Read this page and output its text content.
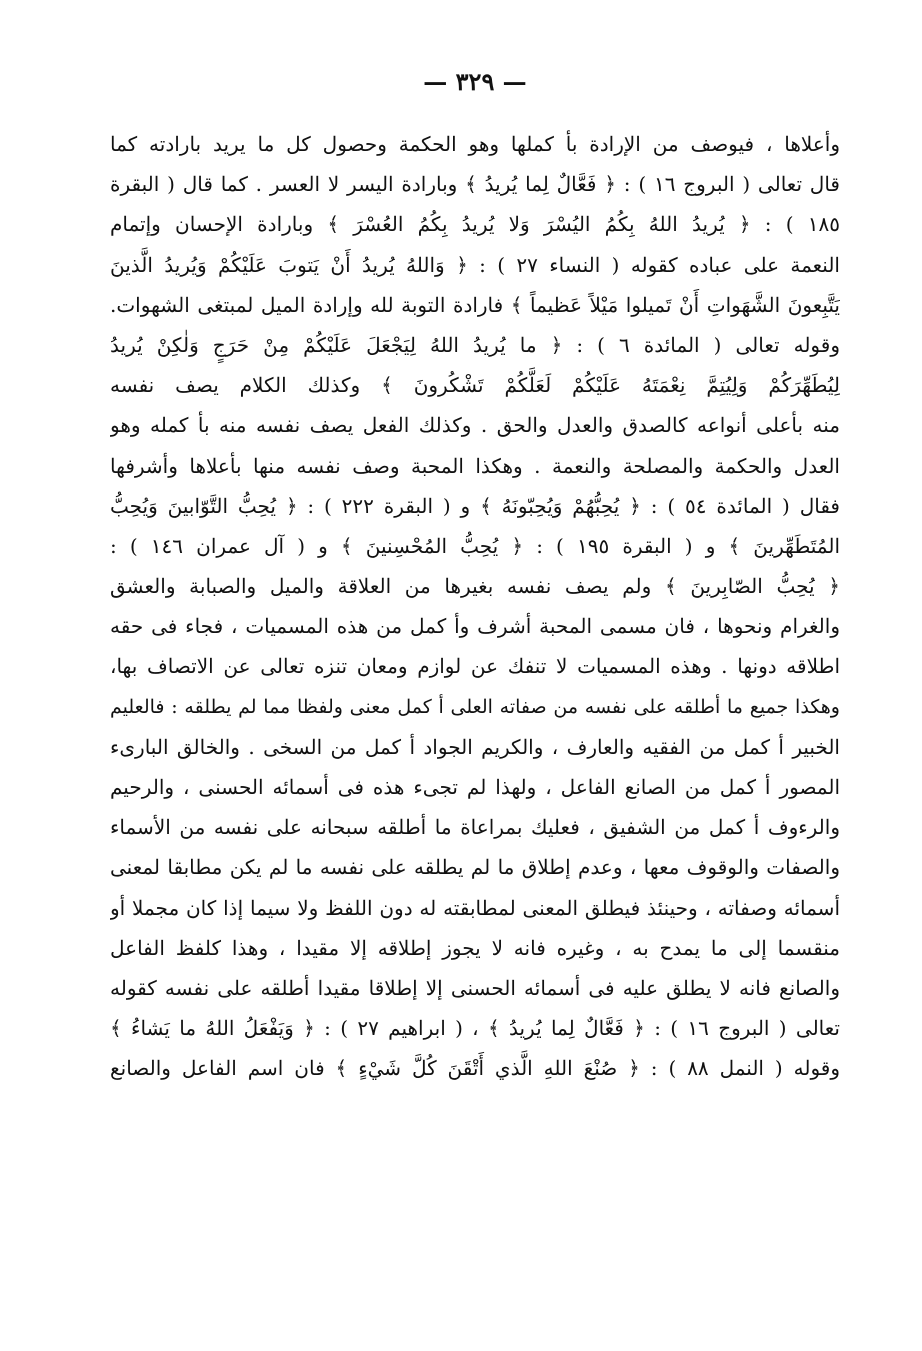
— ٣٢٩ —
وأعلاها ، فيوصف من الإرادة بأ كملها وهو الحكمة وحصول كل ما يريد بارادته كما
قال تعالى ( البروج ١٦ ) : ﴿ فَعَّالٌ لِما يُريدُ ﴾ وبارادة اليسر لا العسر . كما قال ( البقرة
١٨٥ ) : ﴿ يُريدُ اللهُ بِكُمُ اليُسْرَ وَلا يُريدُ بِكُمُ العُسْرَ ﴾ وبارادة الإحسان وإتمام
النعمة على عباده كقوله ( النساء ٢٧ ) : ﴿ وَاللهُ يُريدُ أَنْ يَتوبَ عَلَيْكُمْ وَيُريدُ الَّذينَ
يَتَّبِعونَ الشَّهَواتِ أَنْ تَميلوا مَيْلاً عَظيماً ﴾ فارادة التوبة لله وإرادة الميل لمبتغى الشهوات.
وقوله تعالى ( المائدة ٦ ) : ﴿ ما يُريدُ اللهُ لِيَجْعَلَ عَلَيْكُمْ مِنْ حَرَجٍ وَلٰكِنْ يُريدُ
لِيُطَهِّرَكُمْ وَلِيُتِمَّ نِعْمَتَهُ عَلَيْكُمْ لَعَلَّكُمْ تَشْكُرونَ ﴾ وكذلك الكلام يصف نفسه
منه بأعلى أنواعه كالصدق والعدل والحق . وكذلك الفعل يصف نفسه منه بأ كمله وهو
العدل والحكمة والمصلحة والنعمة . وهكذا المحبة وصف نفسه منها بأعلاها وأشرفها
فقال ( المائدة ٥٤ ) : ﴿ يُحِبُّهُمْ وَيُحِبّونَهُ ﴾ و ( البقرة ٢٢٢ ) : ﴿ يُحِبُّ التَّوّابينَ وَيُحِبُّ
المُتَطَهِّرينَ ﴾ و ( البقرة ١٩٥ ) : ﴿ يُحِبُّ المُحْسِنينَ ﴾ و ( آل عمران ١٤٦ ) :
﴿ يُحِبُّ الصّابِرينَ ﴾ ولم يصف نفسه بغيرها من العلاقة والميل والصبابة والعشق
والغرام ونحوها ، فان مسمى المحبة أشرف وأ كمل من هذه المسميات ، فجاء فى حقه
اطلاقه دونها . وهذه المسميات لا تنفك عن لوازم ومعان تنزه تعالى عن الاتصاف بها،
وهكذا جميع ما أطلقه على نفسه من صفاته العلى أ كمل معنى ولفظا مما لم يطلقه : فالعليم
الخبير أ كمل من الفقيه والعارف ، والكريم الجواد أ كمل من السخى . والخالق البارىء
المصور أ كمل من الصانع الفاعل ، ولهذا لم تجىء هذه فى أسمائه الحسنى ، والرحيم
والرءوف أ كمل من الشفيق ، فعليك بمراعاة ما أطلقه سبحانه على نفسه من الأسماء
والصفات والوقوف معها ، وعدم إطلاق ما لم يطلقه على نفسه ما لم يكن مطابقا لمعنى
أسمائه وصفاته ، وحينئذ فيطلق المعنى لمطابقته له دون اللفظ ولا سيما إذا كان مجملا أو
منقسما إلى ما يمدح به ، وغيره فانه لا يجوز إطلاقه إلا مقيدا ، وهذا كلفظ الفاعل
والصانع فانه لا يطلق عليه فى أسمائه الحسنى إلا إطلاقا مقيدا أطلقه على نفسه كقوله
تعالى ( البروج ١٦ ) : ﴿ فَعَّالٌ لِما يُريدُ ﴾ ، ( ابراهيم ٢٧ ) : ﴿ وَيَفْعَلُ اللهُ ما يَشاءُ ﴾
وقوله ( النمل ٨٨ ) : ﴿ صُنْعَ اللهِ الَّذي أَتْقَنَ كُلَّ شَيْءٍ ﴾ فان اسم الفاعل والصانع
